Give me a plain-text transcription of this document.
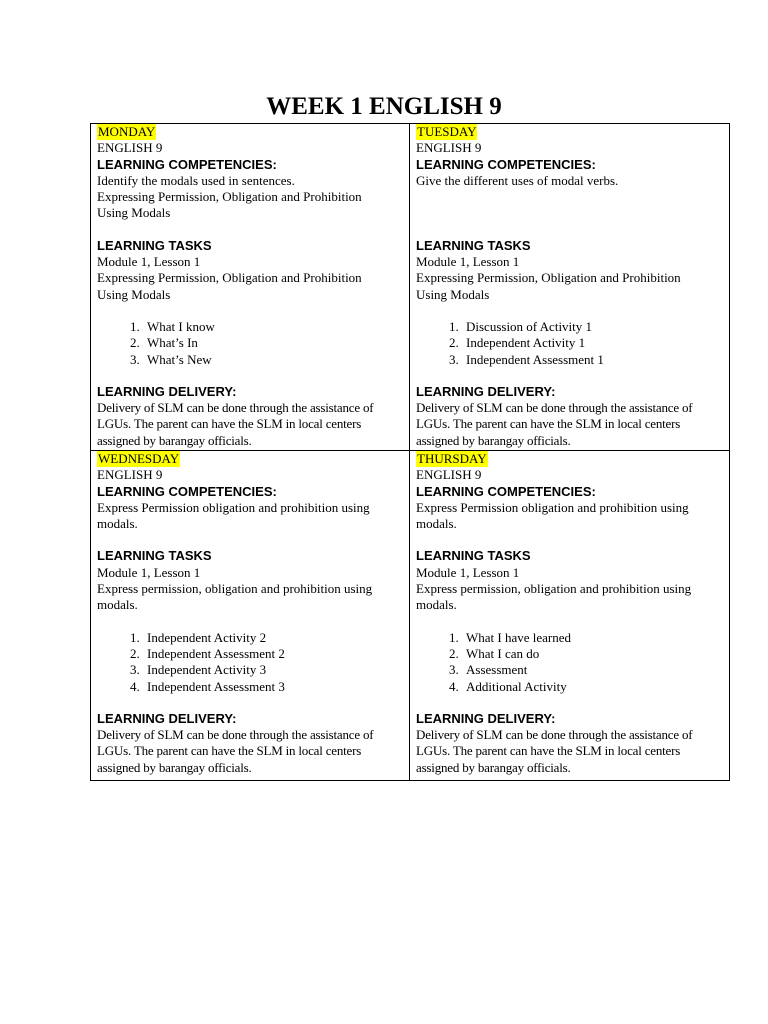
WEEK 1 ENGLISH 9
MONDAY
ENGLISH 9
LEARNING COMPETENCIES:
Identify the modals used in sentences.
Expressing Permission, Obligation and Prohibition
Using Modals
LEARNING TASKS
Module 1, Lesson 1
Expressing Permission, Obligation and Prohibition
Using Modals
1. What I know
2. What’s In
3. What’s New
LEARNING DELIVERY:
Delivery of SLM can be done through the assistance of
LGUs. The parent can have the SLM in local centers
assigned by barangay officials.
TUESDAY
ENGLISH 9
LEARNING COMPETENCIES:
Give the different uses of modal verbs.
LEARNING TASKS
Module 1, Lesson 1
Expressing Permission, Obligation and Prohibition
Using Modals
1. Discussion of Activity 1
2. Independent Activity 1
3. Independent Assessment 1
LEARNING DELIVERY:
Delivery of SLM can be done through the assistance of
LGUs. The parent can have the SLM in local centers
assigned by barangay officials.
WEDNESDAY
ENGLISH 9
LEARNING COMPETENCIES:
Express Permission obligation and prohibition using
modals.
LEARNING TASKS
Module 1, Lesson 1
Express permission, obligation and prohibition using
modals.
1. Independent Activity 2
2. Independent Assessment 2
3. Independent Activity 3
4. Independent Assessment 3
LEARNING DELIVERY:
Delivery of SLM can be done through the assistance of
LGUs. The parent can have the SLM in local centers
assigned by barangay officials.
THURSDAY
ENGLISH 9
LEARNING COMPETENCIES:
Express Permission obligation and prohibition using
modals.
LEARNING TASKS
Module 1, Lesson 1
Express permission, obligation and prohibition using
modals.
1. What I have learned
2. What I can do
3. Assessment
4. Additional Activity
LEARNING DELIVERY:
Delivery of SLM can be done through the assistance of
LGUs. The parent can have the SLM in local centers
assigned by barangay officials.
